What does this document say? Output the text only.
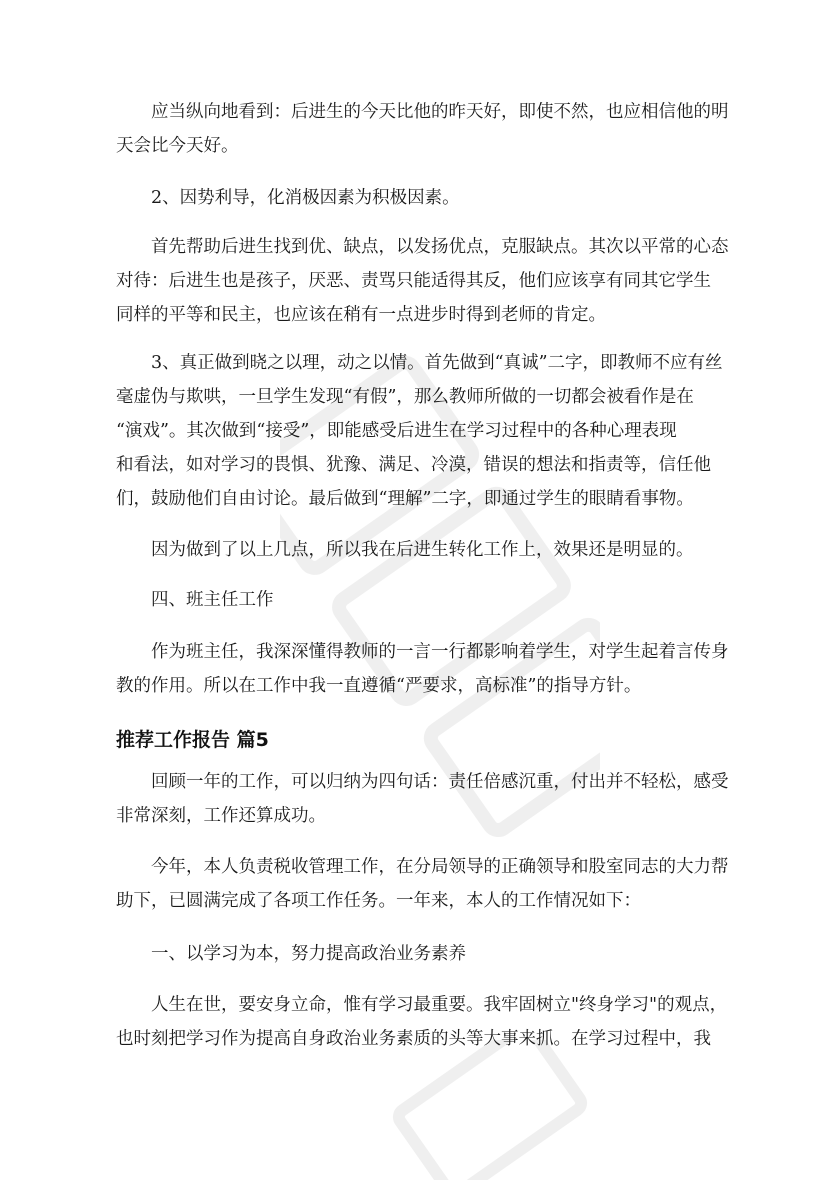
　　应当纵向地看到：后进生的今天比他的昨天好，即使不然，也应相信他的明
天会比今天好。

　　2、因势利导，化消极因素为积极因素。

　　首先帮助后进生找到优、缺点，以发扬优点，克服缺点。其次以平常的心态
对待：后进生也是孩子，厌恶、责骂只能适得其反，他们应该享有同其它学生
同样的平等和民主，也应该在稍有一点进步时得到老师的肯定。

　　3、真正做到晓之以理，动之以情。首先做到“真诚”二字，即教师不应有丝
毫虚伪与欺哄，一旦学生发现“有假”，那么教师所做的一切都会被看作是在
“演戏”。其次做到“接受”，即能感受后进生在学习过程中的各种心理表现
和看法，如对学习的畏惧、犹豫、满足、冷漠，错误的想法和指责等，信任他
们，鼓励他们自由讨论。最后做到“理解”二字，即通过学生的眼睛看事物。

　　因为做到了以上几点，所以我在后进生转化工作上，效果还是明显的。

　　四、班主任工作

　　作为班主任，我深深懂得教师的一言一行都影响着学生，对学生起着言传身
教的作用。所以在工作中我一直遵循“严要求，高标准”的指导方针。

推荐工作报告 篇5

　　回顾一年的工作，可以归纳为四句话：责任倍感沉重，付出并不轻松，感受
非常深刻，工作还算成功。

　　今年，本人负责税收管理工作，在分局领导的正确领导和股室同志的大力帮
助下，已圆满完成了各项工作任务。一年来，本人的工作情况如下：

　　一、以学习为本，努力提高政治业务素养

　　人生在世，要安身立命，惟有学习最重要。我牢固树立"终身学习"的观点，
也时刻把学习作为提高自身政治业务素质的头等大事来抓。在学习过程中，我
